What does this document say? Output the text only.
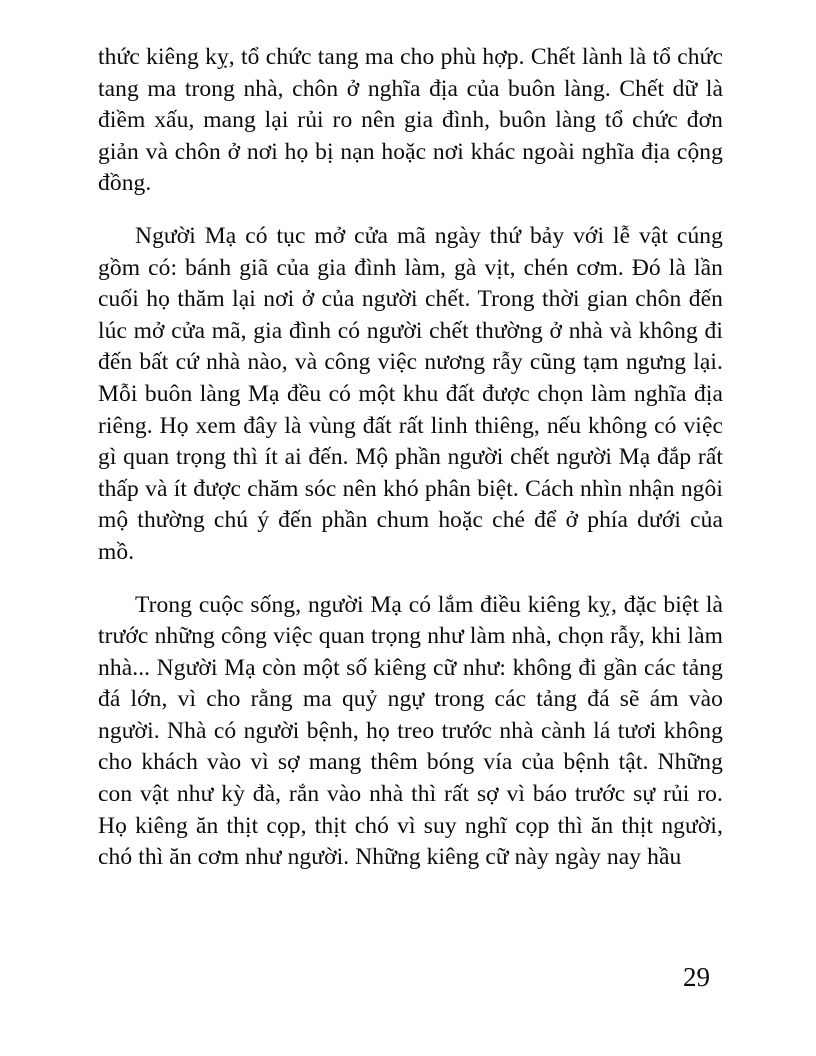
thức kiêng kỵ, tổ chức tang ma cho phù hợp. Chết lành là tổ chức tang ma trong nhà, chôn ở nghĩa địa của buôn làng. Chết dữ là điềm xấu, mang lại rủi ro nên gia đình, buôn làng tổ chức đơn giản và chôn ở nơi họ bị nạn hoặc nơi khác ngoài nghĩa địa cộng đồng.

Người Mạ có tục mở cửa mã ngày thứ bảy với lễ vật cúng gồm có: bánh giã của gia đình làm, gà vịt, chén cơm. Đó là lần cuối họ thăm lại nơi ở của người chết. Trong thời gian chôn đến lúc mở cửa mã, gia đình có người chết thường ở nhà và không đi đến bất cứ nhà nào, và công việc nương rẫy cũng tạm ngưng lại. Mỗi buôn làng Mạ đều có một khu đất được chọn làm nghĩa địa riêng. Họ xem đây là vùng đất rất linh thiêng, nếu không có việc gì quan trọng thì ít ai đến. Mộ phần người chết người Mạ đắp rất thấp và ít được chăm sóc nên khó phân biệt. Cách nhìn nhận ngôi mộ thường chú ý đến phần chum hoặc ché để ở phía dưới của mồ.

Trong cuộc sống, người Mạ có lắm điều kiêng kỵ, đặc biệt là trước những công việc quan trọng như làm nhà, chọn rẫy, khi làm nhà... Người Mạ còn một số kiêng cữ như: không đi gần các tảng đá lớn, vì cho rằng ma quỷ ngự trong các tảng đá sẽ ám vào người. Nhà có người bệnh, họ treo trước nhà cành lá tươi không cho khách vào vì sợ mang thêm bóng vía của bệnh tật. Những con vật như kỳ đà, rắn vào nhà thì rất sợ vì báo trước sự rủi ro. Họ kiêng ăn thịt cọp, thịt chó vì suy nghĩ cọp thì ăn thịt người, chó thì ăn cơm như người. Những kiêng cữ này ngày nay hầu

29
